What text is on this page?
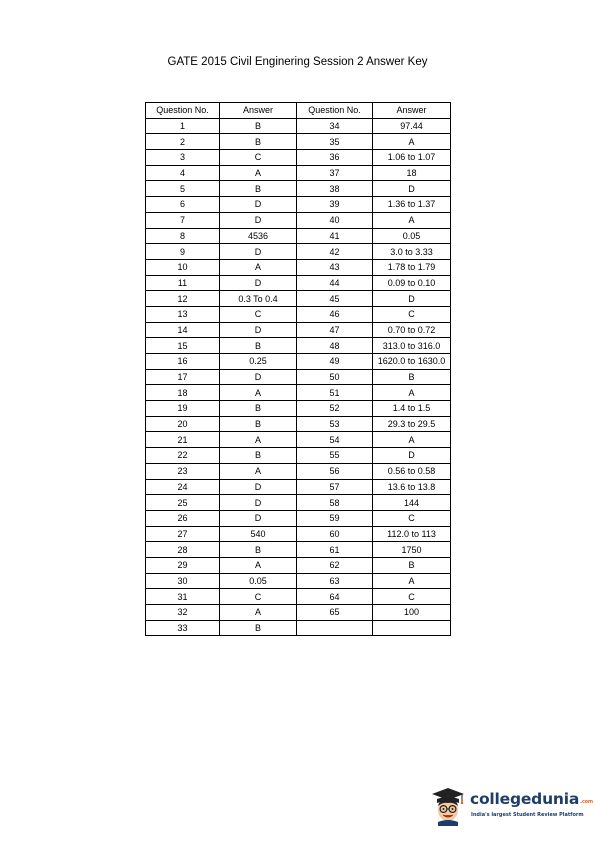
GATE 2015 Civil Enginering Session 2 Answer Key
Question No.	Answer	Question No.	Answer
1	B	34	97.44
2	B	35	A
3	C	36	1.06 to 1.07
4	A	37	18
5	B	38	D
6	D	39	1.36 to 1.37
7	D	40	A
8	4536	41	0.05
9	D	42	3.0 to 3.33
10	A	43	1.78 to 1.79
11	D	44	0.09 to 0.10
12	0.3 To 0.4	45	D
13	C	46	C
14	D	47	0.70 to 0.72
15	B	48	313.0 to 316.0
16	0.25	49	1620.0 to 1630.0
17	D	50	B
18	A	51	A
19	B	52	1.4 to 1.5
20	B	53	29.3 to 29.5
21	A	54	A
22	B	55	D
23	A	56	0.56 to 0.58
24	D	57	13.6 to 13.8
25	D	58	144
26	D	59	C
27	540	60	112.0 to 113
28	B	61	1750
29	A	62	B
30	0.05	63	A
31	C	64	C
32	A	65	100
33	B		
collegedunia.com
India's largest Student Review Platform
